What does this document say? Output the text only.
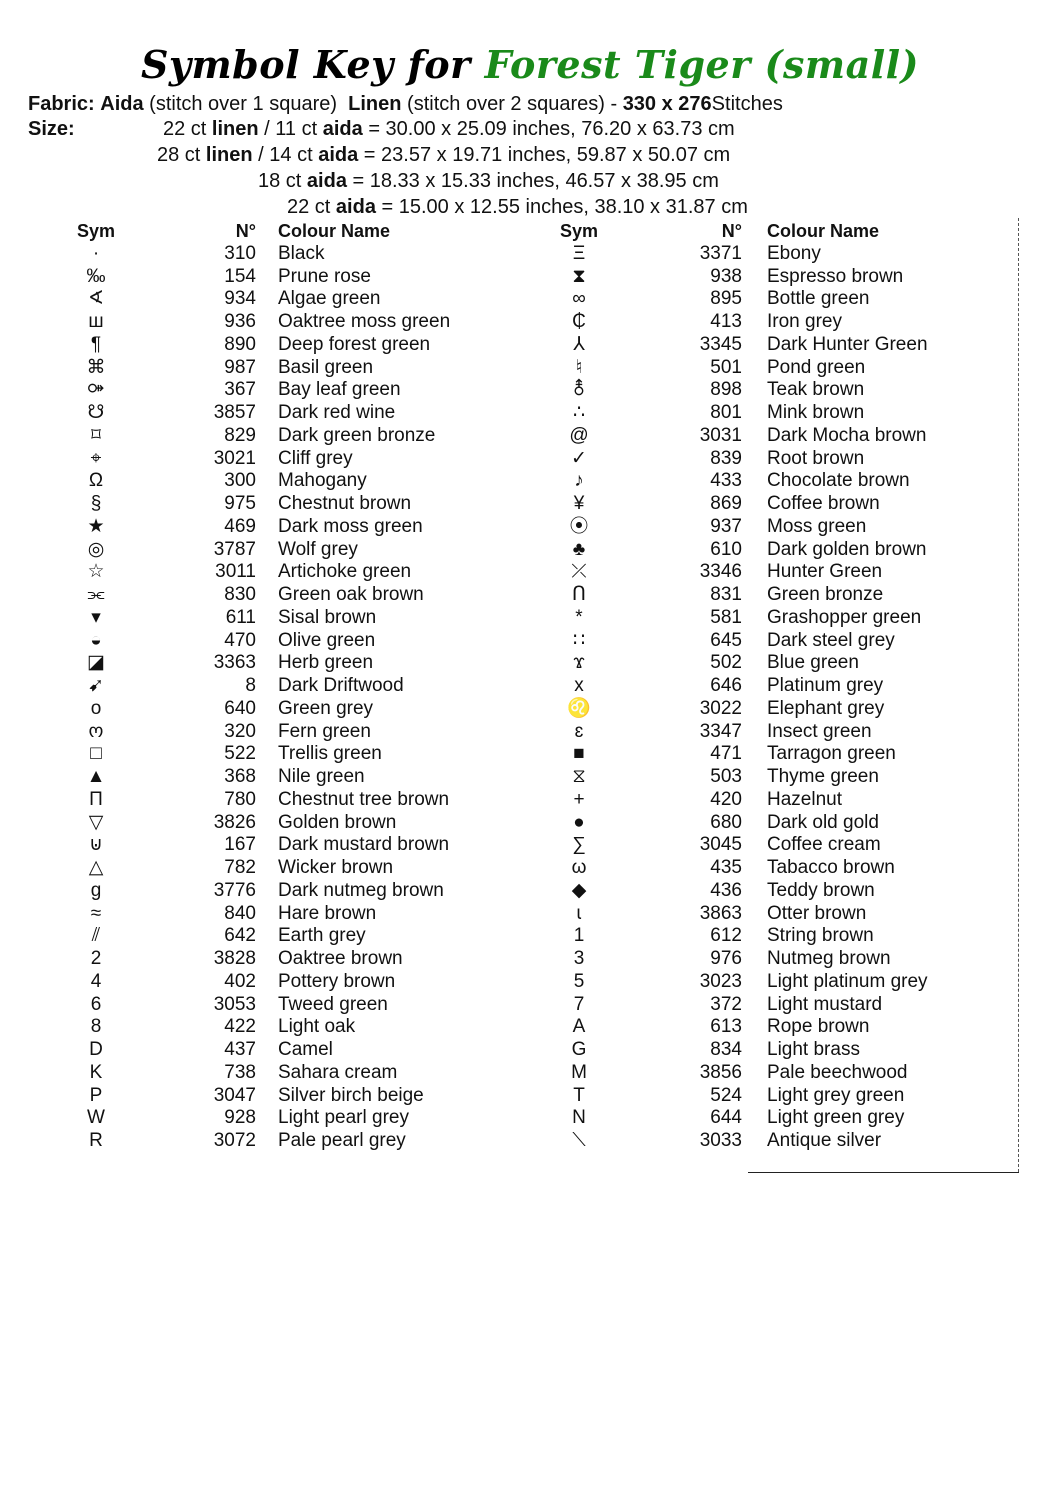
Symbol Key for Forest Tiger (small)
Fabric: Aida (stitch over 1 square) Linen (stitch over 2 squares) - 330 x 276Stitches
Size:	22 ct linen / 11 ct aida = 30.00 x 25.09 inches, 76.20 x 63.73 cm
28 ct linen / 14 ct aida = 23.57 x 19.71 inches, 59.87 x 50.07 cm
18 ct aida = 18.33 x 15.33 inches, 46.57 x 38.95 cm
22 ct aida = 15.00 x 12.55 inches, 38.10 x 31.87 cm
Sym	N° Colour Name
·	310 Black
‰	154 Prune rose
∢	934 Algae green
ш	936 Oaktree moss green
¶	890 Deep forest green
⌘	987 Basil green
⚩	367 Bay leaf green
☋	3857 Dark red wine
⌑	829 Dark green bronze
⌖	3021 Cliff grey
Ω	300 Mahogany
§	975 Chestnut brown
★	469 Dark moss green
◎	3787 Wolf grey
☆	3011 Artichoke green
⫘	830 Green oak brown
▾	611 Sisal brown
◒	470 Olive green
◪	3363 Herb green
➹	8 Dark Driftwood
o	640 Green grey
ო	320 Fern green
□	522 Trellis green
▲	368 Nile green
Π	780 Chestnut tree brown
▽	3826 Golden brown
⊍	167 Dark mustard brown
△	782 Wicker brown
g	3776 Dark nutmeg brown
≈	840 Hare brown
⫽	642 Earth grey
2	3828 Oaktree brown
4	402 Pottery brown
6	3053 Tweed green
8	422 Light oak
D	437 Camel
K	738 Sahara cream
P	3047 Silver birch beige
W	928 Light pearl grey
R	3072 Pale pearl grey
Sym	N° Colour Name
Ξ	3371 Ebony
⧗	938 Espresso brown
∞	895 Bottle green
₵	413 Iron grey
⅄	3345 Dark Hunter Green
♮	501 Pond green
⚨	898 Teak brown
∴	801 Mink brown
@	3031 Dark Mocha brown
✓	839 Root brown
♪	433 Chocolate brown
¥	869 Coffee brown
⦿	937 Moss green
♣	610 Dark golden brown
⤫	3346 Hunter Green
ᑎ	831 Green bronze
*	581 Grashopper green
∷	645 Dark steel grey
ϫ	502 Blue green
x	646 Platinum grey
♌	3022 Elephant grey
ɛ	3347 Insect green
■	471 Tarragon green
⧖	503 Thyme green
+	420 Hazelnut
●	680 Dark old gold
∑	3045 Coffee cream
ω	435 Tabacco brown
◆	436 Teddy brown
ɩ	3863 Otter brown
1	612 String brown
3	976 Nutmeg brown
5	3023 Light platinum grey
7	372 Light mustard
A	613 Rope brown
G	834 Light brass
M	3856 Pale beechwood
T	524 Light grey green
N	644 Light green grey
⟍	3033 Antique silver
